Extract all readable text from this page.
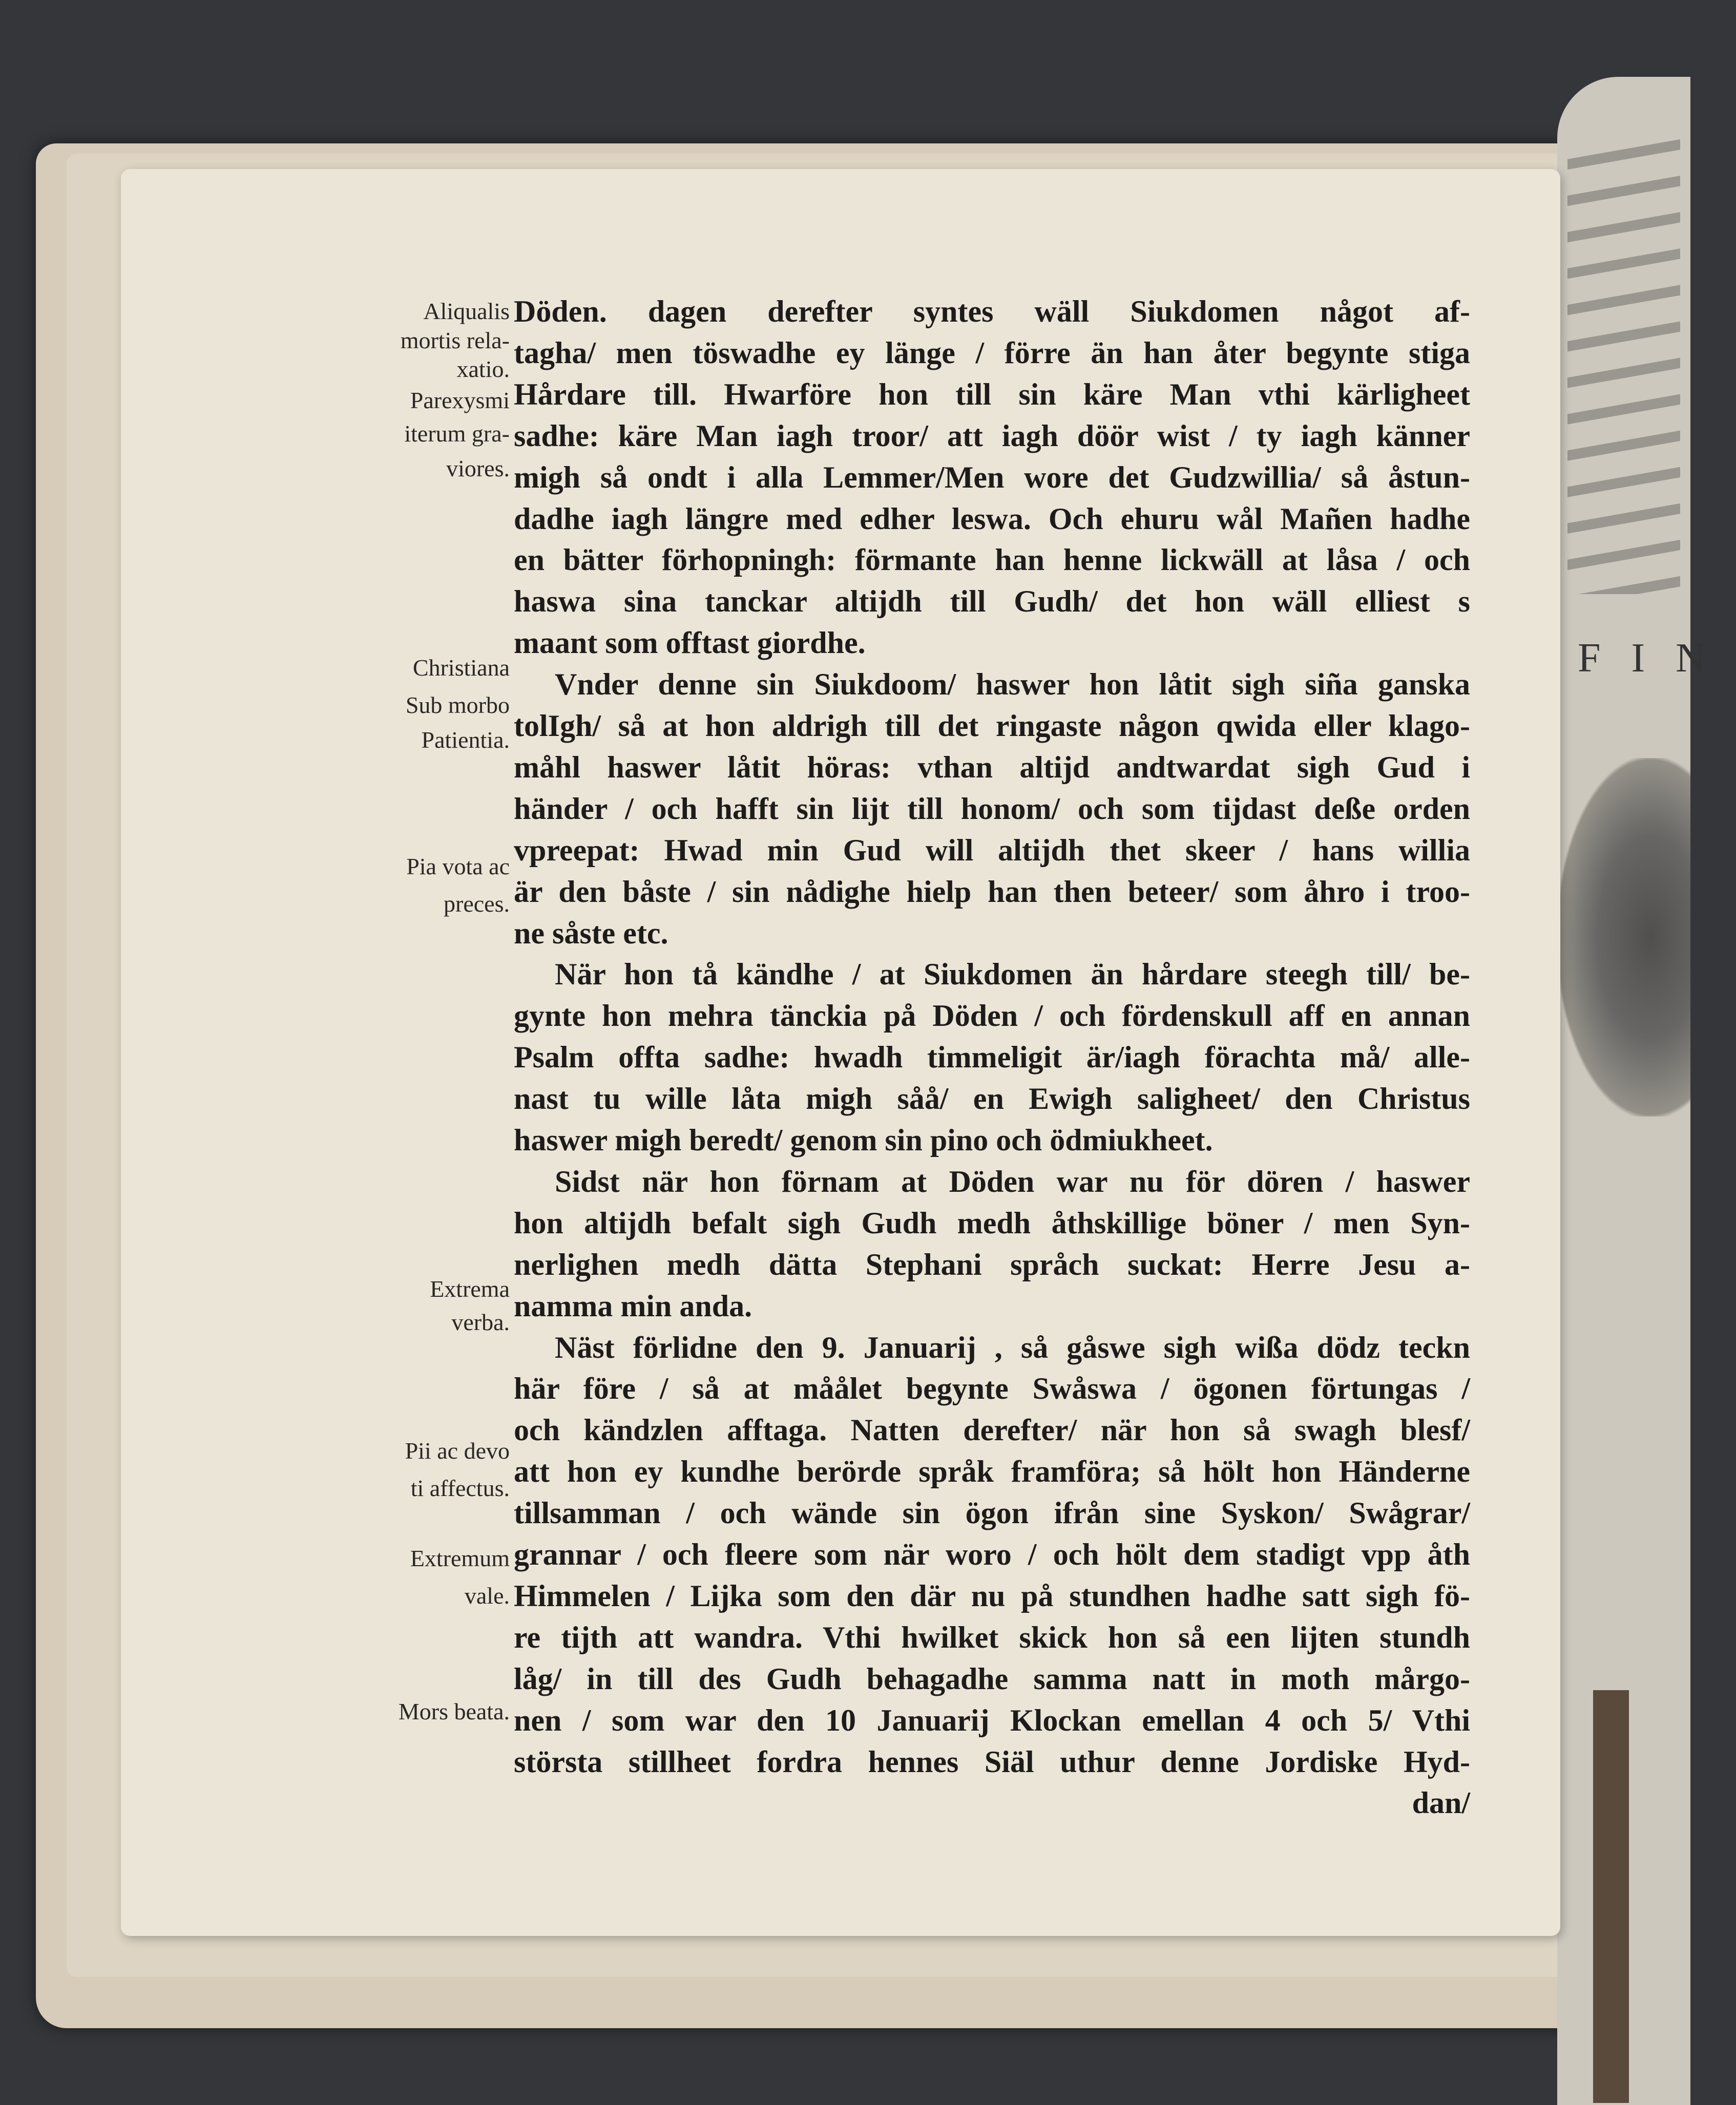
FIN
Döden. dagen derefter syntes wäll Siukdomen något af-
tagha/ men töswadhe ey länge / förre än han åter begynte stiga
Hårdare till. Hwarföre hon till sin käre Man vthi kärligheet
sadhe: käre Man iagh troor/ att iagh döör wist / ty iagh känner
migh så ondt i alla Lemmer/Men wore det Gudzwillia/ så åstun-
dadhe iagh längre med edher leswa. Och ehuru wål Mañen hadhe
en bätter förhopningh: förmante han henne lickwäll at låsa / och
haswa sina tanckar altijdh till Gudh/ det hon wäll elliest s
maant som offtast giordhe.
Vnder denne sin Siukdoom/ haswer hon låtit sigh siña ganska
tolIgh/ så at hon aldrigh till det ringaste någon qwida eller klago-
måhl haswer låtit höras: vthan altijd andtwardat sigh Gud i
händer / och hafft sin lijt till honom/ och som tijdast deße orden
vpreepat: Hwad min Gud will altijdh thet skeer / hans willia
är den båste / sin nådighe hielp han then beteer/ som åhro i troo-
ne såste etc.
När hon tå kändhe / at Siukdomen än hårdare steegh till/ be-
gynte hon mehra tänckia på Döden / och fördenskull aff en annan
Psalm offta sadhe: hwadh timmeligit är/iagh förachta må/ alle-
nast tu wille låta migh såå/ en Ewigh saligheet/ den Christus
haswer migh beredt/ genom sin pino och ödmiukheet.
Sidst när hon förnam at Döden war nu för dören / haswer
hon altijdh befalt sigh Gudh medh åthskillige böner / men Syn-
nerlighen medh dätta Stephani språch suckat: Herre Jesu a-
namma min anda.
Näst förlidne den 9. Januarij , så gåswe sigh wißa dödz teckn
här före / så at måålet begynte Swåswa / ögonen förtungas /
och kändzlen afftaga. Natten derefter/ när hon så swagh blesf/
att hon ey kundhe berörde språk framföra; så hölt hon Händerne
tillsamman / och wände sin ögon ifrån sine Syskon/ Swågrar/
grannar / och fleere som när woro / och hölt dem stadigt vpp åth
Himmelen / Lijka som den där nu på stundhen hadhe satt sigh fö-
re tijth att wandra. Vthi hwilket skick hon så een lijten stundh
låg/ in till des Gudh behagadhe samma natt in moth mårgo-
nen / som war den 10 Januarij Klockan emellan 4 och 5/ Vthi
största stillheet fordra hennes Siäl uthur denne Jordiske Hyd-
dan/
Aliqualis
mortis rela-
xatio.
Parexysmi
iterum gra-
viores.
Christiana
Sub morbo
Patientia.
Pia vota ac
preces.
Extrema
verba.
Pii ac devo
ti affectus.
Extremum
vale.
Mors beata.
